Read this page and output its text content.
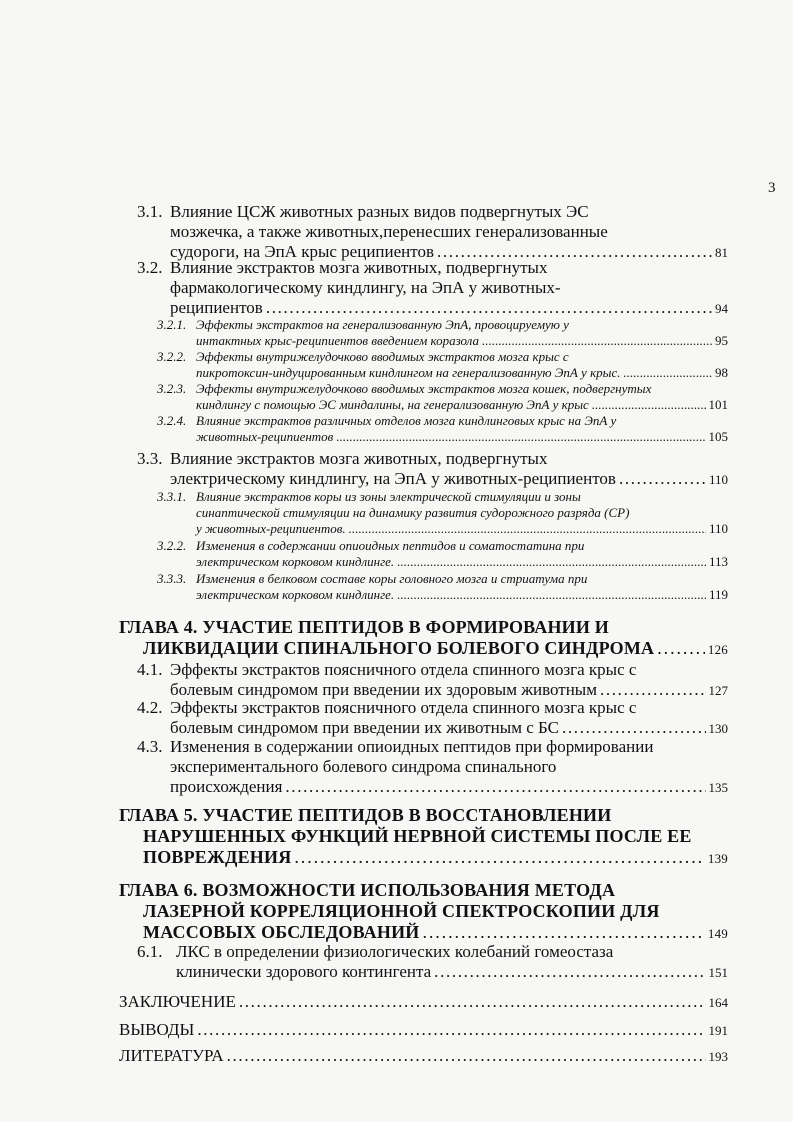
3
3.1. Влияние ЦСЖ животных разных видов подвергнутых ЭС
мозжечка, а также животных,перенесших генерализованные
судороги, на ЭпА крыс реципиентов . . .	81
3.2. Влияние экстрактов мозга животных, подвергнутых
фармакологическому киндлингу, на ЭпА у животных-
реципиентов . . .	94
3.2.1. Эффекты экстрактов на генерализованную ЭпА, провоцируемую у
интактных крыс-реципиентов введением коразола . . .	95
3.2.2. Эффекты внутрижелудочково вводимых экстрактов мозга крыс с
пикротоксин-индуцированным киндлингом на генерализованную ЭпА у крыс. . . .	98
3.2.3. Эффекты внутрижелудочково вводимых экстрактов мозга кошек, подвергнутых
киндлингу с помощью ЭС миндалины, на генерализованную ЭпА у крыс . . .	101
3.2.4. Влияние экстрактов различных отделов мозга киндлинговых крыс на ЭпА у
животных-реципиентов . . .	105
3.3. Влияние экстрактов мозга животных, подвергнутых
электрическому киндлингу, на ЭпА у животных-реципиентов . . .	110
3.3.1. Влияние экстрактов коры из зоны электрической стимуляции и зоны
синаптической стимуляции на динамику развития судорожного разряда (СР)
у животных-реципиентов. . . .	110
3.2.2. Изменения в содержании опиоидных пептидов и соматостатина при
электрическом корковом киндлинге. . . .	113
3.3.3. Изменения в белковом составе коры головного мозга и стриатума при
электрическом корковом киндлинге. . . .	119
ГЛАВА 4. УЧАСТИЕ ПЕПТИДОВ В ФОРМИРОВАНИИ И
ЛИКВИДАЦИИ СПИНАЛЬНОГО БОЛЕВОГО СИНДРОМА . . .	126
4.1. Эффекты экстрактов поясничного отдела спинного мозга крыс с
болевым синдромом при введении их здоровым животным . . .	127
4.2. Эффекты экстрактов поясничного отдела спинного мозга крыс с
болевым синдромом при введении их животным с БС . . .	130
4.3. Изменения в содержании опиоидных пептидов при формировании
экспериментального болевого синдрома спинального
происхождения . . .	135
ГЛАВА 5. УЧАСТИЕ ПЕПТИДОВ В ВОССТАНОВЛЕНИИ
НАРУШЕННЫХ ФУНКЦИЙ НЕРВНОЙ СИСТЕМЫ ПОСЛЕ ЕЕ
ПОВРЕЖДЕНИЯ . . .	139
ГЛАВА 6. ВОЗМОЖНОСТИ ИСПОЛЬЗОВАНИЯ МЕТОДА
ЛАЗЕРНОЙ КОРРЕЛЯЦИОННОЙ СПЕКТРОСКОПИИ ДЛЯ
МАССОВЫХ ОБСЛЕДОВАНИЙ . . .	149
6.1. ЛКС в определении физиологических колебаний гомеостаза
клинически здорового контингента . . .	151
ЗАКЛЮЧЕНИЕ . . .	164
ВЫВОДЫ . . .	191
ЛИТЕРАТУРА . . .	193
